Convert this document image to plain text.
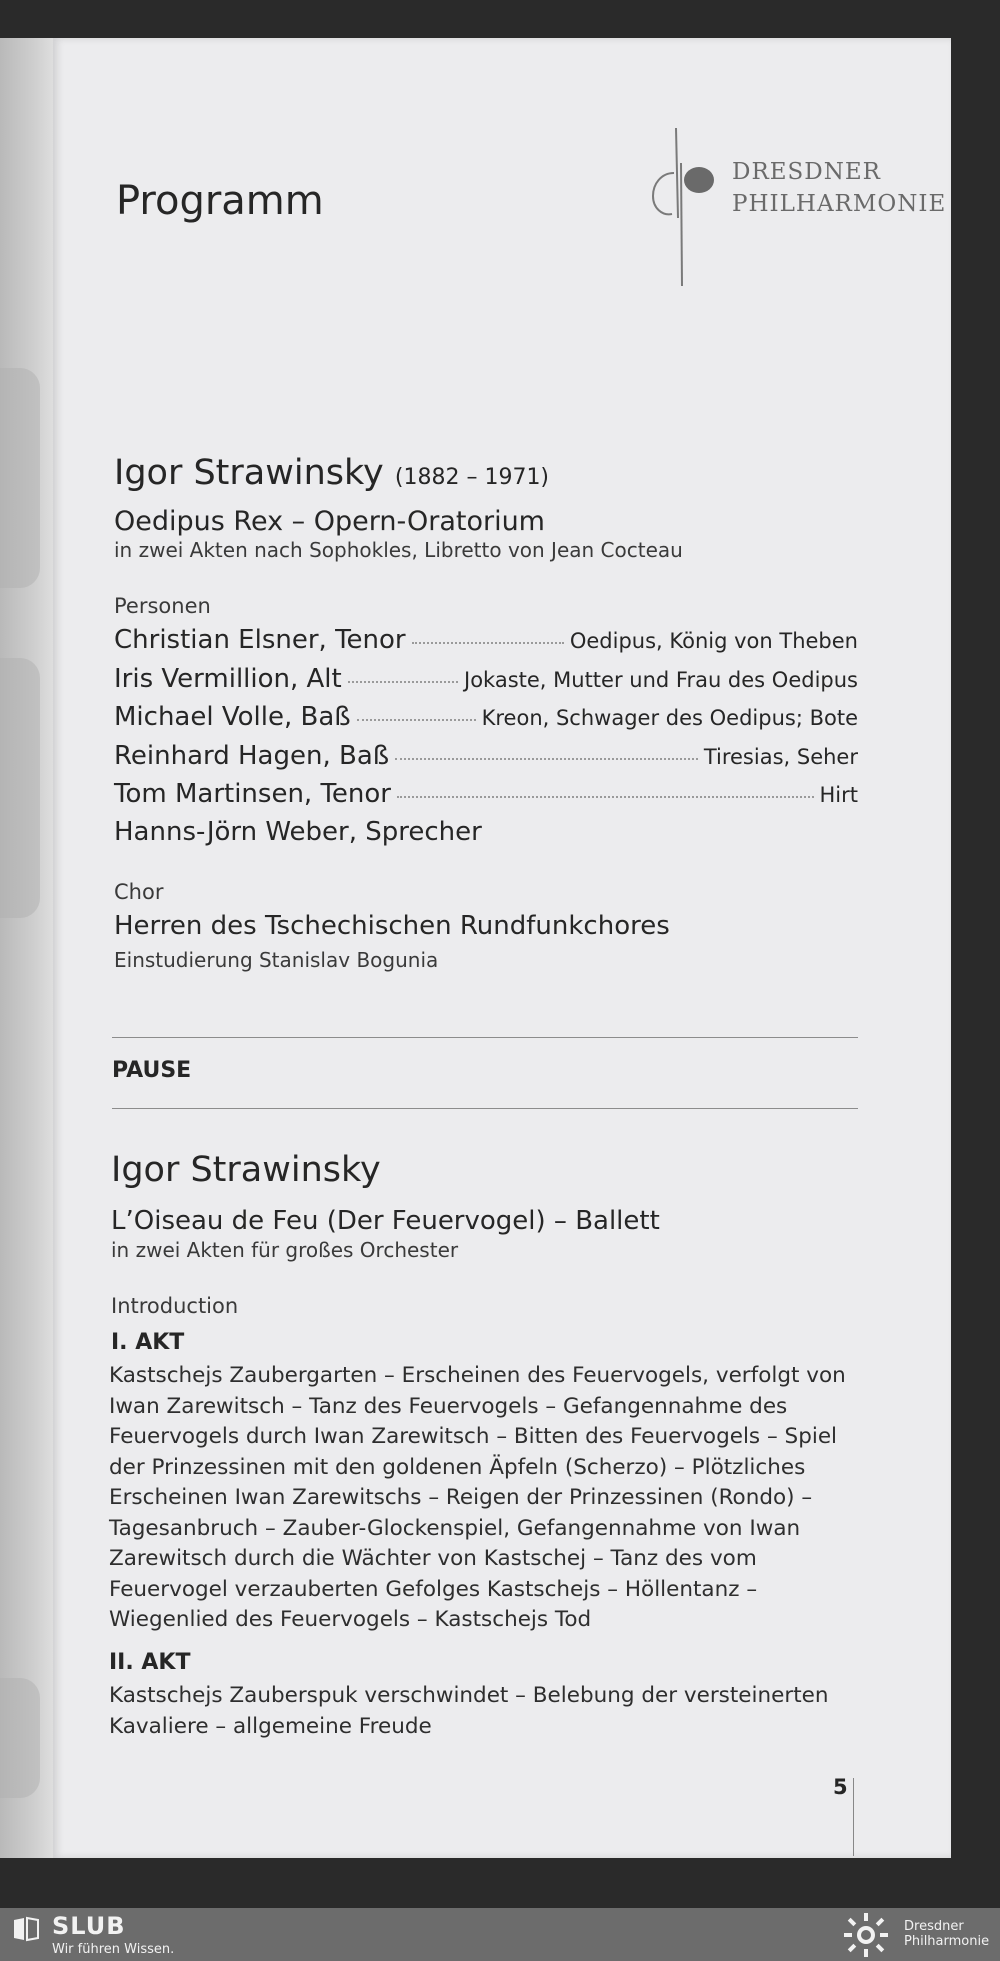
DRESDNER
PHILHARMONIE
Programm
Igor Strawinsky (1882 – 1971)
Oedipus Rex – Opern-Oratorium
in zwei Akten nach Sophokles, Libretto von Jean Cocteau
Personen
Christian Elsner, Tenor	Oedipus, König von Theben
Iris Vermillion, Alt	Jokaste, Mutter und Frau des Oedipus
Michael Volle, Baß	Kreon, Schwager des Oedipus; Bote
Reinhard Hagen, Baß	Tiresias, Seher
Tom Martinsen, Tenor	Hirt
Hanns-Jörn Weber, Sprecher
Chor
Herren des Tschechischen Rundfunkchores
Einstudierung Stanislav Bogunia
PAUSE
Igor Strawinsky
L’Oiseau de Feu (Der Feuervogel) – Ballett
in zwei Akten für großes Orchester
Introduction
I. AKT
Kastschejs Zaubergarten – Erscheinen des Feuervogels, verfolgt von
Iwan Zarewitsch – Tanz des Feuervogels – Gefangennahme des
Feuervogels durch Iwan Zarewitsch – Bitten des Feuervogels – Spiel
der Prinzessinen mit den goldenen Äpfeln (Scherzo) – Plötzliches
Erscheinen Iwan Zarewitschs – Reigen der Prinzessinen (Rondo) –
Tagesanbruch – Zauber-Glockenspiel, Gefangennahme von Iwan
Zarewitsch durch die Wächter von Kastschej – Tanz des vom
Feuervogel verzauberten Gefolges Kastschejs – Höllentanz –
Wiegenlied des Feuervogels – Kastschejs Tod
II. AKT
Kastschejs Zauberspuk verschwindet – Belebung der versteinerten
Kavaliere – allgemeine Freude
5
SLUB
Wir führen Wissen.
Dresdner
Philharmonie
